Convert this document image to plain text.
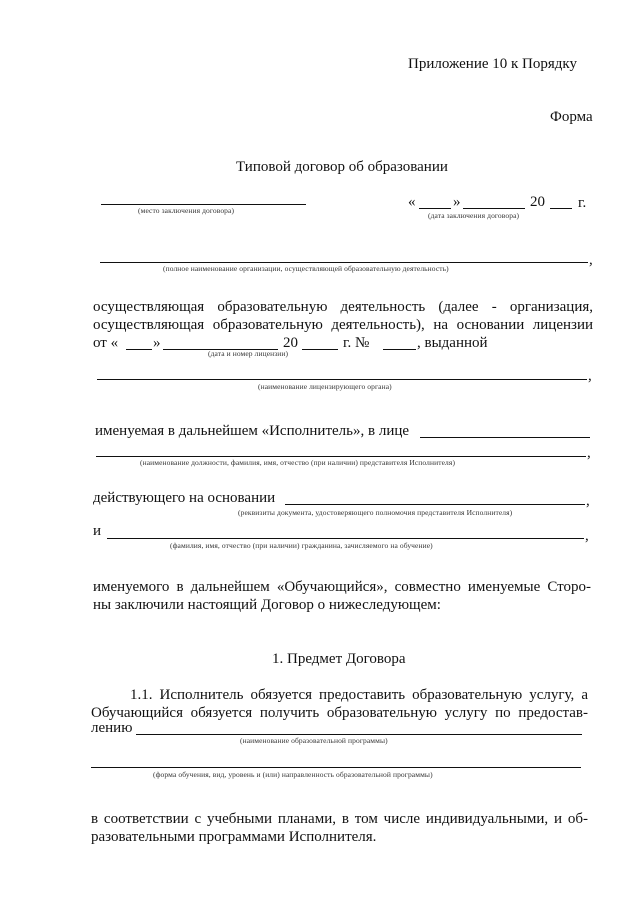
Приложение 10 к Порядку
Форма
Типовой договор об образовании
(место заключения договора)
«	»	20 г.
(дата заключения договора)
,
(полное наименование организации, осуществляющей образовательную деятельность)
осуществляющая образовательную деятельность (далее - организация,
осуществляющая образовательную деятельность), на основании лицензии
от « »	20	г. №	, выданной
(дата и номер лицензии)
,
(наименование лицензирующего органа)
именуемая в дальнейшем «Исполнитель», в лице
,
(наименование должности, фамилия, имя, отчество (при наличии) представителя Исполнителя)
действующего на основании	,
(реквизиты документа, удостоверяющего полномочия представителя Исполнителя)
и	,
(фамилия, имя, отчество (при наличии) гражданина, зачисляемого на обучение)
именуемого в дальнейшем «Обучающийся», совместно именуемые Сторо-
ны заключили настоящий Договор о нижеследующем:
1. Предмет Договора
1.1. Исполнитель обязуется предоставить образовательную услугу, а
Обучающийся обязуется получить образовательную услугу по предостав-
лению
(наименование образовательной программы)
(форма обучения, вид, уровень и (или) направленность образовательной программы)
в соответствии с учебными планами, в том числе индивидуальными, и об-
разовательными программами Исполнителя.
